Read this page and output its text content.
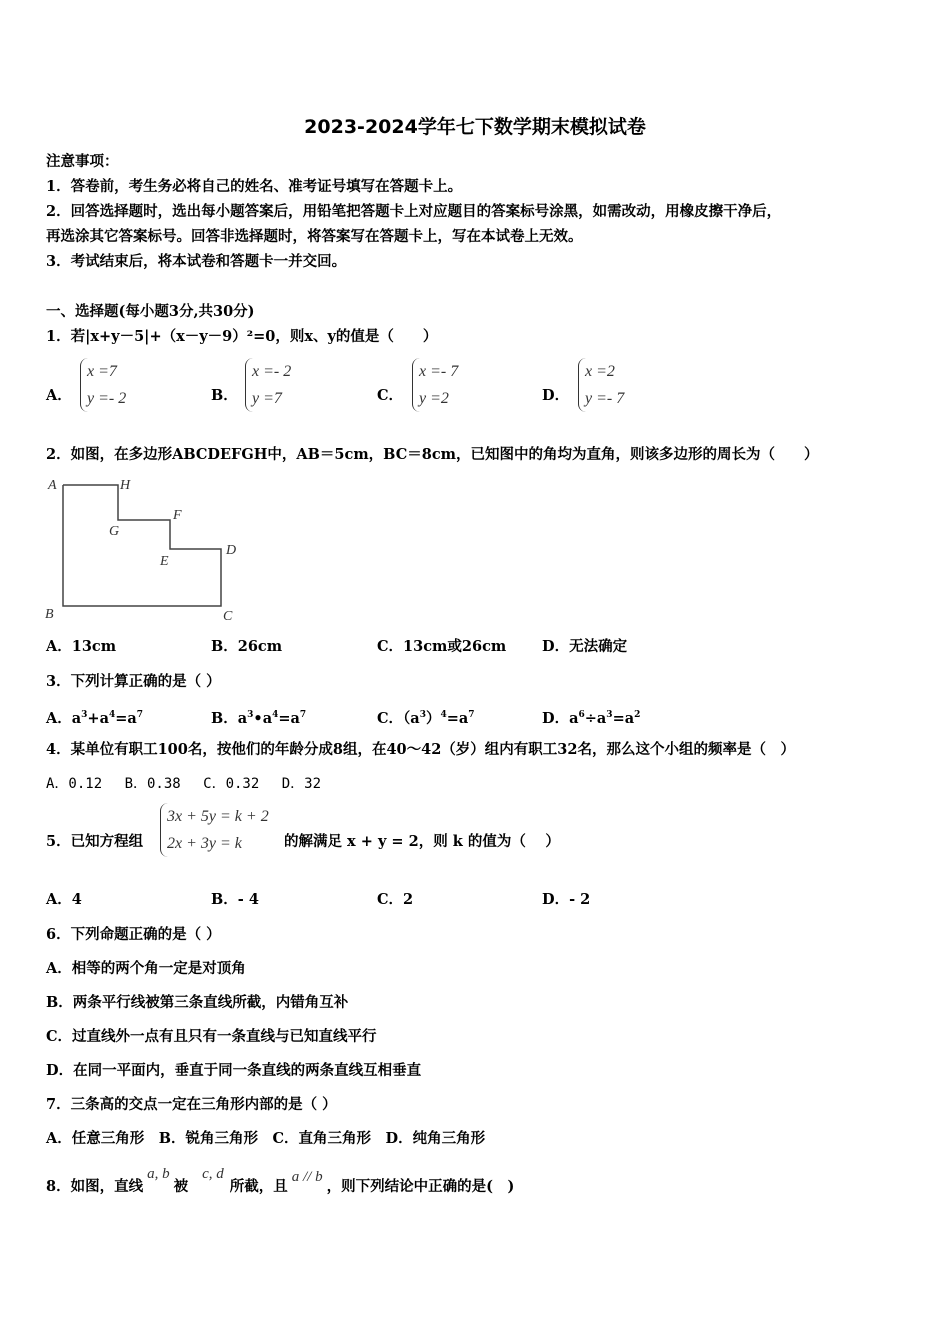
2023-2024学年七下数学期末模拟试卷
注意事项：
1．答卷前，考生务必将自己的姓名、准考证号填写在答题卡上。
2．回答选择题时，选出每小题答案后，用铅笔把答题卡上对应题目的答案标号涂黑，如需改动，用橡皮擦干净后，
再选涂其它答案标号。回答非选择题时，将答案写在答题卡上，写在本试卷上无效。
3．考试结束后，将本试卷和答题卡一并交回。
一、选择题(每小题3分,共30分)
1．若|x+y－5|+（x－y－9）²=0，则x、y的值是（　　）
A．
x =7
y =- 2	B．
x =- 2
y =7	C．
x =- 7
y =2	D．
x =2
y =- 7
2．如图，在多边形ABCDEFGH中，AB＝5cm，BC＝8cm，已知图中的角均为直角，则该多边形的周长为（　　）
A	H
G
F
E
D
B	C
A．13cm	B．26cm	C．13cm或26cm D．无法确定
3．下列计算正确的是（ ）
A．$a^3+a^4=a^7$	B．$a^3•a^4=a^7$	C．$(a^3)^4=a^7$	D．$a^6\div a^3=a^2$
4．某单位有职工100名，按他们的年龄分成8组，在40～42（岁）组内有职工32名，那么这个小组的频率是（　）
A．0.12　 B．0.38　 C．0.32　 D．32
5．已知方程组
3x + 5y = k + 2
2x + 3y = k	的解满足 x + y = 2，则 k 的值为（　 ）
A．4	B．- 4	C．2	D．- 2
6．下列命题正确的是（ ）
A．相等的两个角一定是对顶角
B．两条平行线被第三条直线所截，内错角互补
C．过直线外一点有且只有一条直线与已知直线平行
D．在同一平面内，垂直于同一条直线的两条直线互相垂直
7．三条高的交点一定在三角形内部的是（ ）
A．任意三角形　B．锐角三角形　C．直角三角形　D．纯角三角形
8．如图，直线a, b被c, d所截，且a // b，则下列结论中正确的是(　)
